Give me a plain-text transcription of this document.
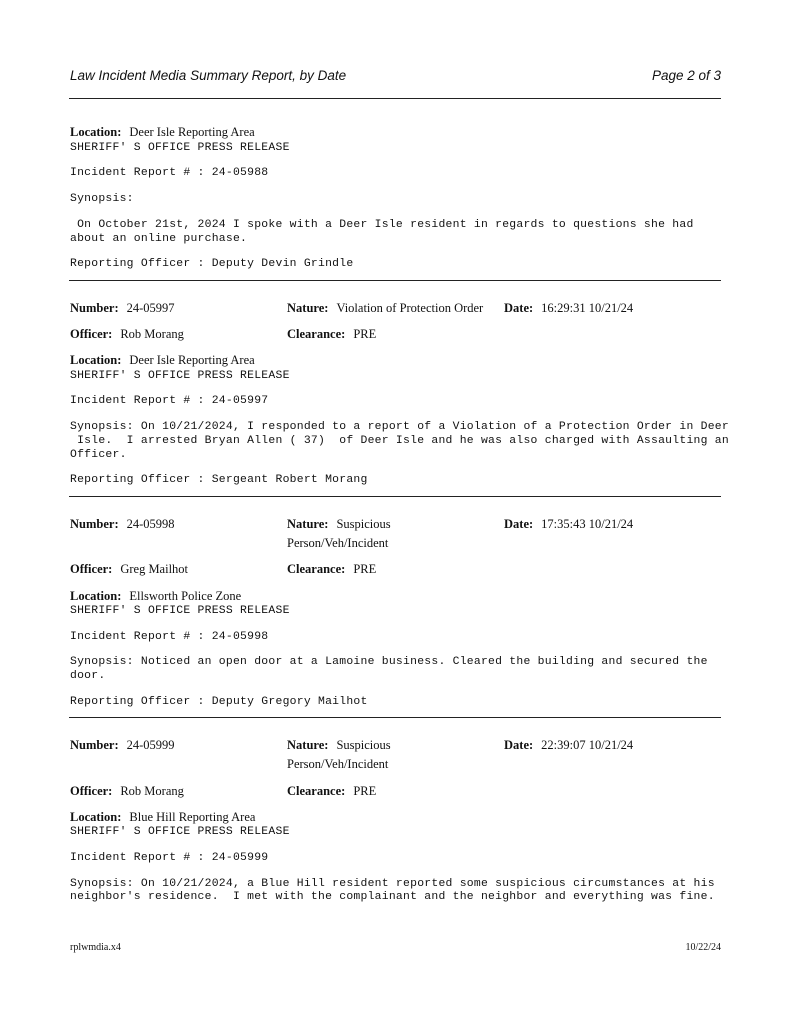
Law Incident Media Summary Report, by Date	Page 2 of 3
Location: Deer Isle Reporting Area
SHERIFF' S OFFICE PRESS RELEASE
Incident Report # : 24-05988
Synopsis:
On October 21st, 2024 I spoke with a Deer Isle resident in regards to questions she had
about an online purchase.
Reporting Officer : Deputy Devin Grindle
Number: 24-05997	Nature: Violation of Protection Order Date: 16:29:31 10/21/24
Officer: Rob Morang	Clearance: PRE
Location: Deer Isle Reporting Area
SHERIFF' S OFFICE PRESS RELEASE
Incident Report # : 24-05997
Synopsis: On 10/21/2024, I responded to a report of a Violation of a Protection Order in Deer
Isle.  I arrested Bryan Allen ( 37)  of Deer Isle and he was also charged with Assaulting an
Officer.
Reporting Officer : Sergeant Robert Morang
Number: 24-05998	Nature: Suspicious
Person/Veh/Incident
Date: 17:35:43 10/21/24
Officer: Greg Mailhot	Clearance: PRE
Location: Ellsworth Police Zone
SHERIFF' S OFFICE PRESS RELEASE
Incident Report # : 24-05998
Synopsis: Noticed an open door at a Lamoine business. Cleared the building and secured the
door.
Reporting Officer : Deputy Gregory Mailhot
Number: 24-05999	Nature: Suspicious
Person/Veh/Incident
Date: 22:39:07 10/21/24
Officer: Rob Morang	Clearance: PRE
Location: Blue Hill Reporting Area
SHERIFF' S OFFICE PRESS RELEASE
Incident Report # : 24-05999
Synopsis: On 10/21/2024, a Blue Hill resident reported some suspicious circumstances at his
neighbor's residence.  I met with the complainant and the neighbor and everything was fine.
rplwmdia.x4	10/22/24
